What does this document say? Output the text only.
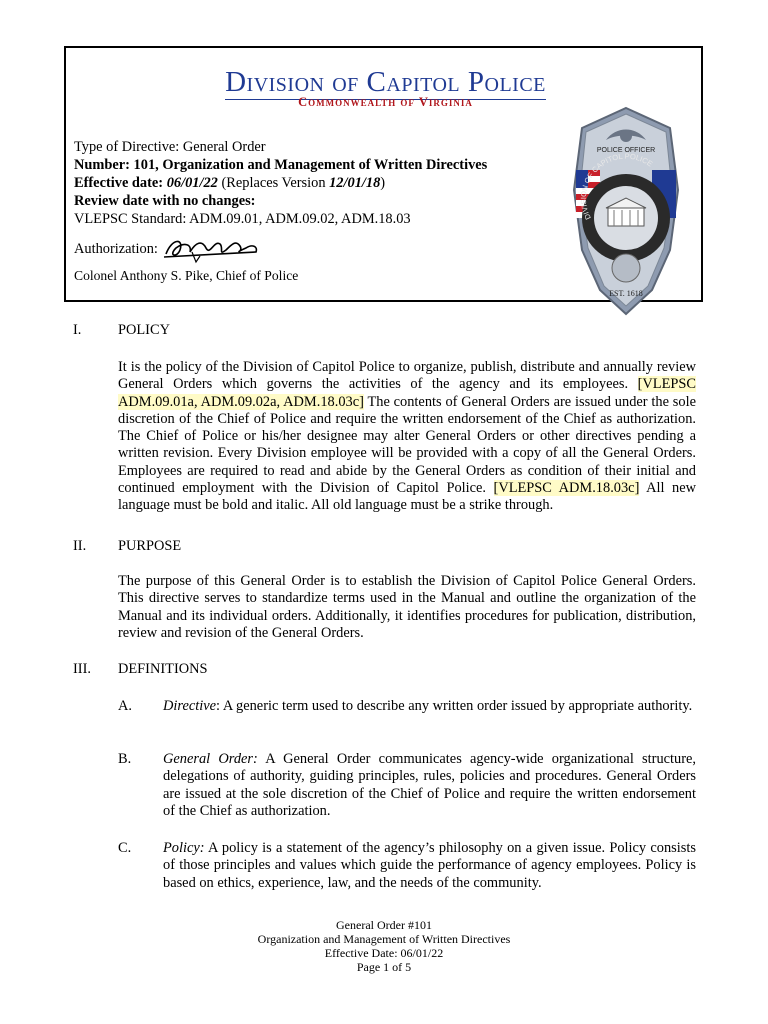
Division of Capitol Police
Commonwealth of Virginia
Type of Directive: General Order
Number: 101, Organization and Management of Written Directives
Effective date: 06/01/22 (Replaces Version 12/01/18)
Review date with no changes:
VLEPSC Standard: ADM.09.01, ADM.09.02, ADM.18.03
Authorization:
Colonel Anthony S. Pike, Chief of Police
POLICE OFFICER
DIVISION OF CAPITOL POLICE
EST. 1618
I.	POLICY
It is the policy of the Division of Capitol Police to organize, publish, distribute and annually review General Orders which governs the activities of the agency and its employees. [VLEPSC ADM.09.01a, ADM.09.02a, ADM.18.03c] The contents of General Orders are issued under the sole discretion of the Chief of Police and require the written endorsement of the Chief as authorization. The Chief of Police or his/her designee may alter General Orders or other directives pending a written revision. Every Division employee will be provided with a copy of all the General Orders. Employees are required to read and abide by the General Orders as condition of their initial and continued employment with the Division of Capitol Police. [VLEPSC ADM.18.03c] All new language must be bold and italic. All old language must be a strike through.
II. PURPOSE
The purpose of this General Order is to establish the Division of Capitol Police General Orders. This directive serves to standardize terms used in the Manual and outline the organization of the Manual and its individual orders. Additionally, it identifies procedures for publication, distribution, review and revision of the General Orders.
III. DEFINITIONS
A. Directive: A generic term used to describe any written order issued by appropriate authority.
B. General Order: A General Order communicates agency-wide organizational structure, delegations of authority, guiding principles, rules, policies and procedures. General Orders are issued at the sole discretion of the Chief of Police and require the written endorsement of the Chief as authorization.
C. Policy: A policy is a statement of the agency’s philosophy on a given issue. Policy consists of those principles and values which guide the performance of agency employees. Policy is based on ethics, experience, law, and the needs of the community.
General Order #101
Organization and Management of Written Directives
Effective Date: 06/01/22
Page 1 of 5
